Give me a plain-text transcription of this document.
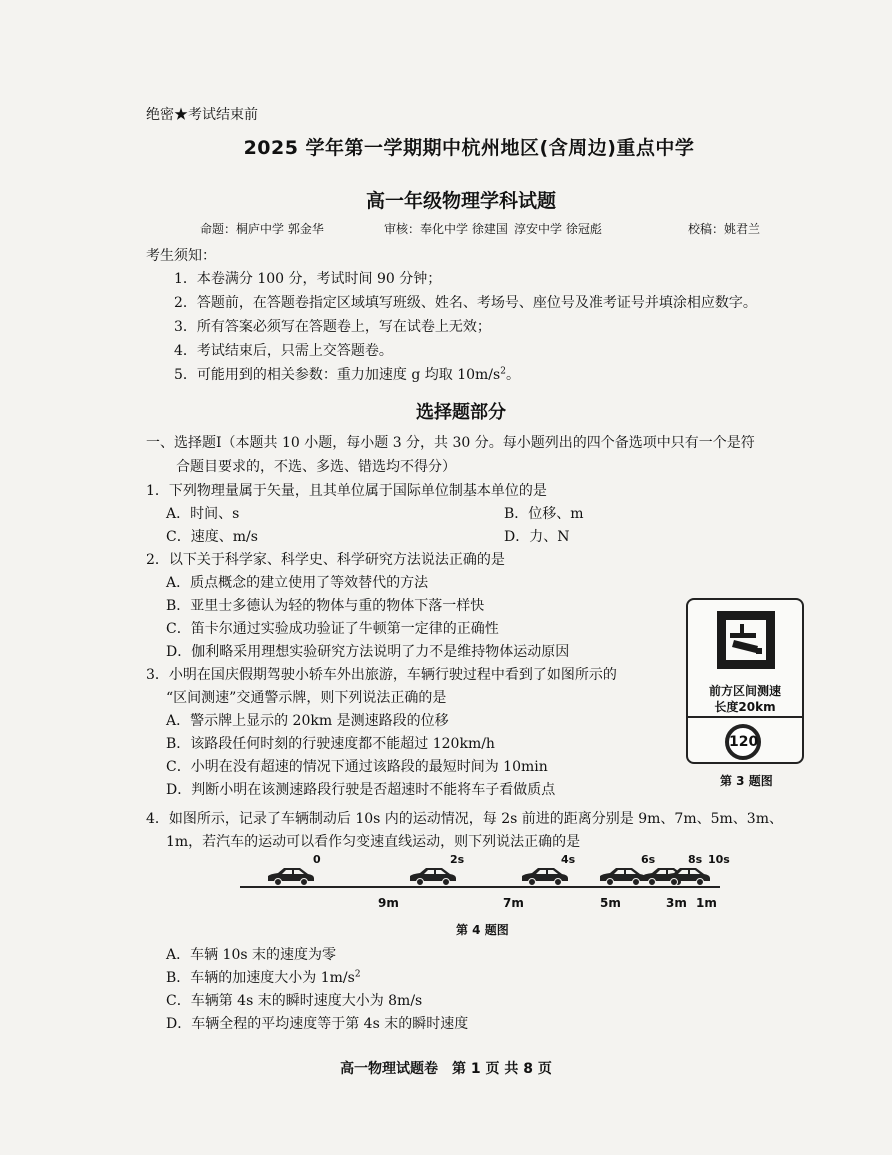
绝密★考试结束前
2025 学年第一学期期中杭州地区(含周边)重点中学
高一年级物理学科试题
命题：桐庐中学 郭金华	审核：奉化中学 徐建国 淳安中学 徐冠彪	校稿：姚君兰
考生须知：
1．本卷满分 100 分，考试时间 90 分钟；
2．答题前，在答题卷指定区域填写班级、姓名、考场号、座位号及准考证号并填涂相应数字。
3．所有答案必须写在答题卷上，写在试卷上无效；
4．考试结束后，只需上交答题卷。
5．可能用到的相关参数：重力加速度 g 均取 $10m/s^2$。
选择题部分
一、选择题Ⅰ（本题共 10 小题，每小题 3 分，共 30 分。每小题列出的四个备选项中只有一个是符
合题目要求的，不选、多选、错选均不得分）
1．下列物理量属于矢量，且其单位属于国际单位制基本单位的是
A．时间、s	B．位移、m
C．速度、m/s	D．力、N
2．以下关于科学家、科学史、科学研究方法说法正确的是
A．质点概念的建立使用了等效替代的方法
B．亚里士多德认为轻的物体与重的物体下落一样快
C．笛卡尔通过实验成功验证了牛顿第一定律的正确性
D．伽利略采用理想实验研究方法说明了力不是维持物体运动原因
3．小明在国庆假期驾驶小轿车外出旅游，车辆行驶过程中看到了如图所示的
“区间测速”交通警示牌，则下列说法正确的是
A．警示牌上显示的 20km 是测速路段的位移
B．该路段任何时刻的行驶速度都不能超过 120km/h
C．小明在没有超速的情况下通过该路段的最短时间为 10min
D．判断小明在该测速路段行驶是否超速时不能将车子看做质点
前方区间测速
长度20km
120
第 3 题图
4．如图所示，记录了车辆制动后 10s 内的运动情况，每 2s 前进的距离分别是 9m、7m、5m、3m、
1m，若汽车的运动可以看作匀变速直线运动，则下列说法正确的是
0	2s	4s	6s	8s 10s
9m	7m	5m	3m 1m
第 4 题图
A．车辆 10s 末的速度为零
B．车辆的加速度大小为 $1m/s^2$
C．车辆第 4s 末的瞬时速度大小为 8m/s
D．车辆全程的平均速度等于第 4s 末的瞬时速度
高一物理试题卷　第 1 页 共 8 页
